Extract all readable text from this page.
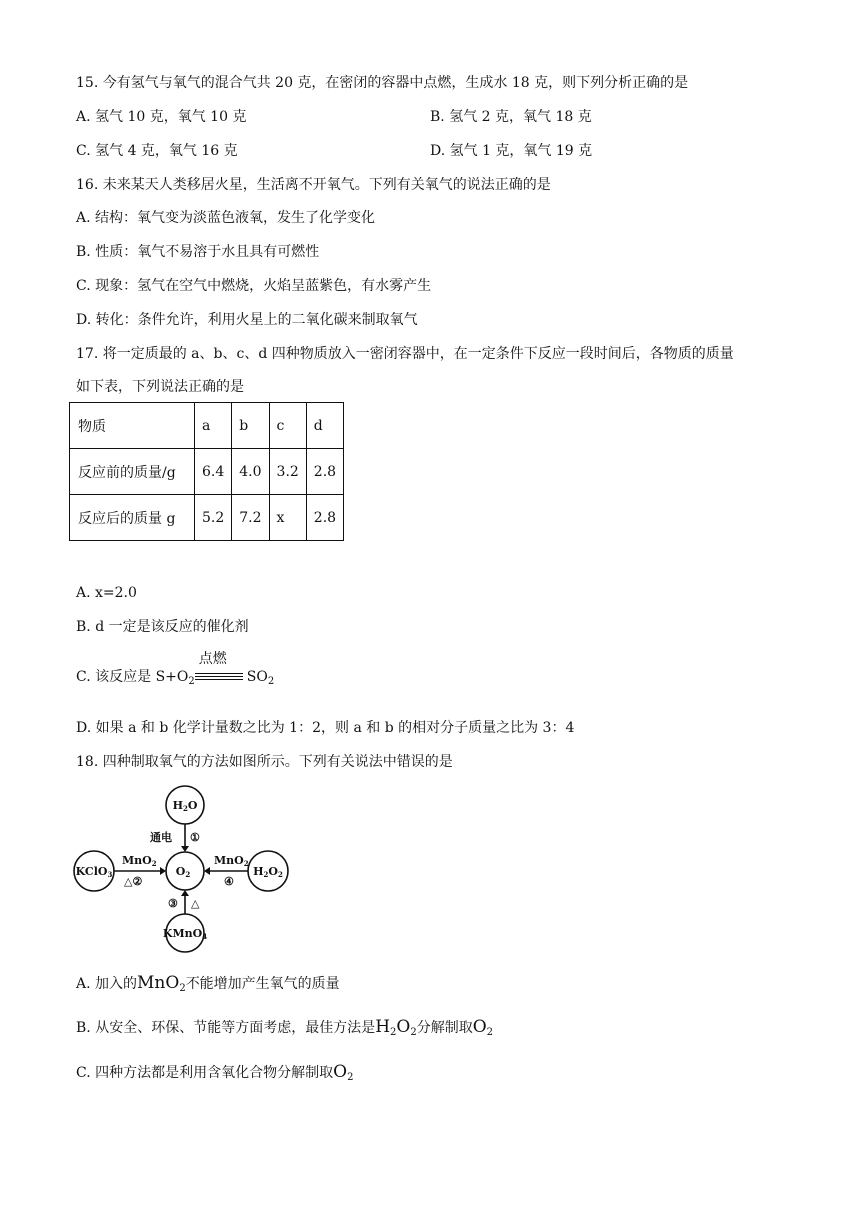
15. 今有氢气与氧气的混合气共 20 克，在密闭的容器中点燃，生成水 18 克，则下列分析正确的是
A. 氢气 10 克，氧气 10 克	B. 氢气 2 克，氧气 18 克
C. 氢气 4 克，氧气 16 克	D. 氢气 1 克，氧气 19 克
16. 未来某天人类移居火星，生活离不开氧气。下列有关氧气的说法正确的是
A. 结构：氧气变为淡蓝色液氧，发生了化学变化
B. 性质：氧气不易溶于水且具有可燃性
C. 现象：氢气在空气中燃烧，火焰呈蓝紫色，有水雾产生
D. 转化：条件允许，利用火星上的二氧化碳来制取氧气
17. 将一定质最的 a、b、c、d 四种物质放入一密闭容器中，在一定条件下反应一段时间后，各物质的质量
如下表，下列说法正确的是
物质	a	b	c	d
反应前的质量/g	6.4	4.0	3.2	2.8
反应后的质量 g	5.2	7.2	x	2.8
A. x=2.0
B. d 一定是该反应的催化剂
C. 该反应是 $S+O_2$
点燃
$SO_2$
D. 如果 a 和 b 化学计量数之比为 1：2，则 a 和 b 的相对分子质量之比为 3：4
18. 四种制取氧气的方法如图所示。下列有关说法中错误的是
H2O
O2
KClO3	H2O2
KMnO4
通电 ①
MnO2
△②
MnO2
④
③ △
A. 加入的MnO$_2$不能增加产生氧气的质量
B. 从安全、环保、节能等方面考虑，最佳方法是$H_2O_2$分解制取$O_2$
C. 四种方法都是利用含氧化合物分解制取$O_2$
